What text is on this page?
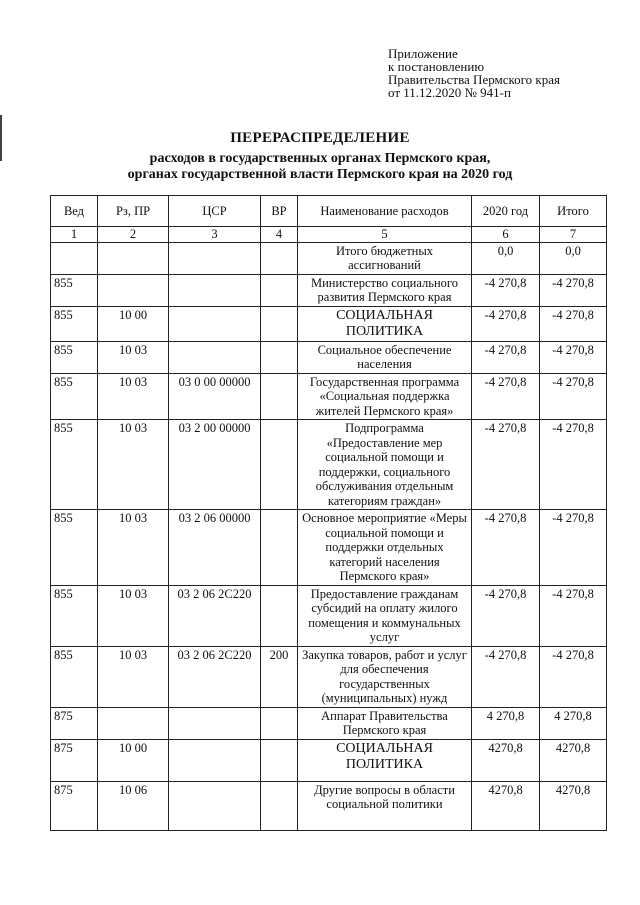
Приложение
к постановлению
Правительства Пермского края
от 11.12.2020 № 941-п
ПЕРЕРАСПРЕДЕЛЕНИЕ
расходов в государственных органах Пермского края,
органах государственной власти Пермского края на 2020 год
Вед	Рз, ПР	ЦСР	ВР	Наименование расходов	2020 год	Итого
1	2	3	4	5	6	7
				Итого бюджетных ассигнований	0,0	0,0
855				Министерство социального развития Пермского края	-4 270,8	-4 270,8
855	10 00			СОЦИАЛЬНАЯ ПОЛИТИКА	-4 270,8	-4 270,8
855	10 03			Социальное обеспечение населения	-4 270,8	-4 270,8
855	10 03	03 0 00 00000		Государственная программа «Социальная поддержка жителей Пермского края»	-4 270,8	-4 270,8
855	10 03	03 2 00 00000		Подпрограмма «Предоставление мер социальной помощи и поддержки, социального обслуживания отдельным категориям граждан»	-4 270,8	-4 270,8
855	10 03	03 2 06 00000		Основное мероприятие «Меры социальной помощи и поддержки отдельных категорий населения Пермского края»	-4 270,8	-4 270,8
855	10 03	03 2 06 2С220		Предоставление гражданам субсидий на оплату жилого помещения и коммунальных услуг	-4 270,8	-4 270,8
855	10 03	03 2 06 2С220	200	Закупка товаров, работ и услуг для обеспечения государственных (муниципальных) нужд	-4 270,8	-4 270,8
875				Аппарат Правительства Пермского края	4 270,8	4 270,8
875	10 00			СОЦИАЛЬНАЯ ПОЛИТИКА	4270,8	4270,8
875	10 06			Другие вопросы в области социальной политики	4270,8	4270,8
